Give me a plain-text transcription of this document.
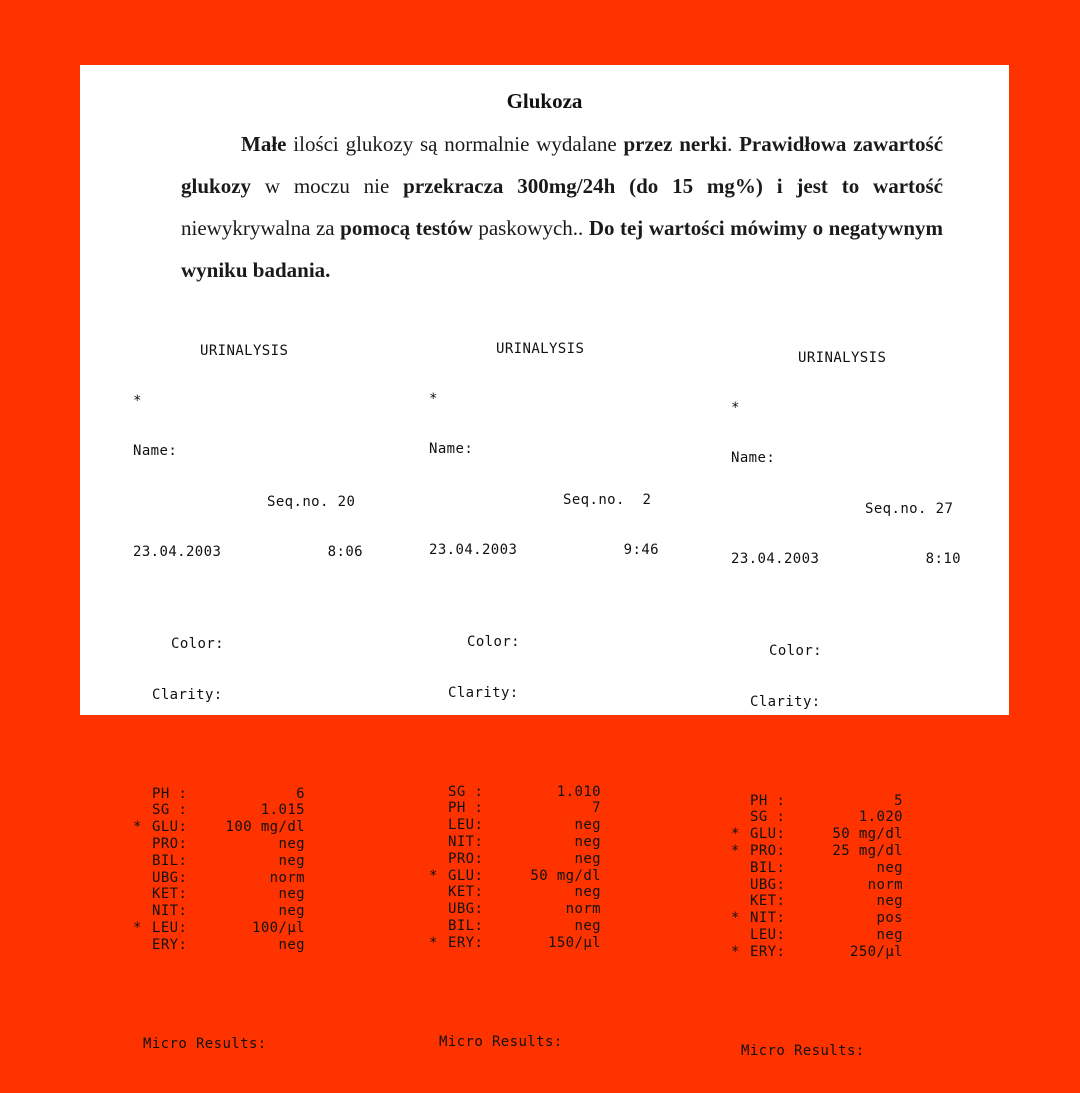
Glukoza

Małe ilości glukozy są normalnie wydalane przez nerki. Prawidłowa zawartość glukozy w moczu nie przekracza 300mg/24h (do 15 mg%) i jest to wartość niewykrywalna za pomocą testów paskowych.. Do tej wartości mówimy o negatywnym wyniku badania.

URINALYSIS

*

Name:

Seq.no. 20

23.04.2003	8:06

Color:

Clarity:

PH :	6
SG :	1.015
* GLU:	100 mg/dl
PRO:	neg
BIL:	neg
UBG:	norm
KET:	neg
NIT:	neg
* LEU:	100/µl
ERY:	neg

Micro Results:

URINALYSIS

*

Name:

Seq.no.  2

23.04.2003	9:46

Color:

Clarity:

SG :	1.010
PH :	7
LEU:	neg
NIT:	neg
PRO:	neg
* GLU:	50 mg/dl
KET:	neg
UBG:	norm
BIL:	neg
* ERY:	150/µl

Micro Results:

URINALYSIS

*

Name:

Seq.no. 27

23.04.2003	8:10

Color:

Clarity:

PH :	5
SG :	1.020
* GLU:	50 mg/dl
* PRO:	25 mg/dl
BIL:	neg
UBG:	norm
KET:	neg
* NIT:	pos
LEU:	neg
* ERY:	250/µl

Micro Results:
